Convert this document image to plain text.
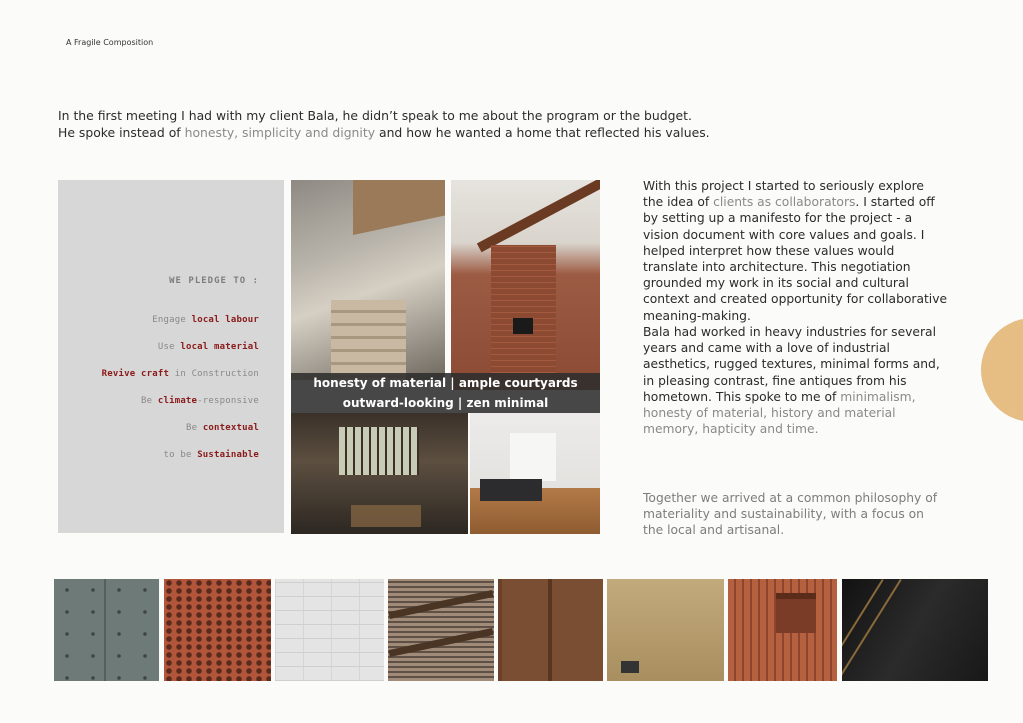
A Fragile Composition
In the first meeting I had with my client Bala, he didn’t speak to me about the program or the budget.
He spoke instead of honesty, simplicity and dignity and how he wanted a home that reflected his values.
WE PLEDGE TO :
Engage local labour
Use local material
Revive craft in Construction
Be climate-responsive
Be contextual
to be Sustainable
honesty of material | ample courtyards
outward-looking | zen minimal
With this project I started to seriously explore the idea of clients as collaborators. I started off by setting up a manifesto for the project - a vision document with core values and goals. I helped interpret how these values would translate into architecture. This negotiation grounded my work in its social and cultural context and created opportunity for collaborative meaning-making.
Bala had worked in heavy industries for several years and came with a love of industrial aesthetics, rugged textures, minimal forms and, in pleasing contrast, fine antiques from his hometown. This spoke to me of minimalism, honesty of material, history and material memory, hapticity and time.
Together we arrived at a common philosophy of materiality and sustainability, with a focus on the local and artisanal.
